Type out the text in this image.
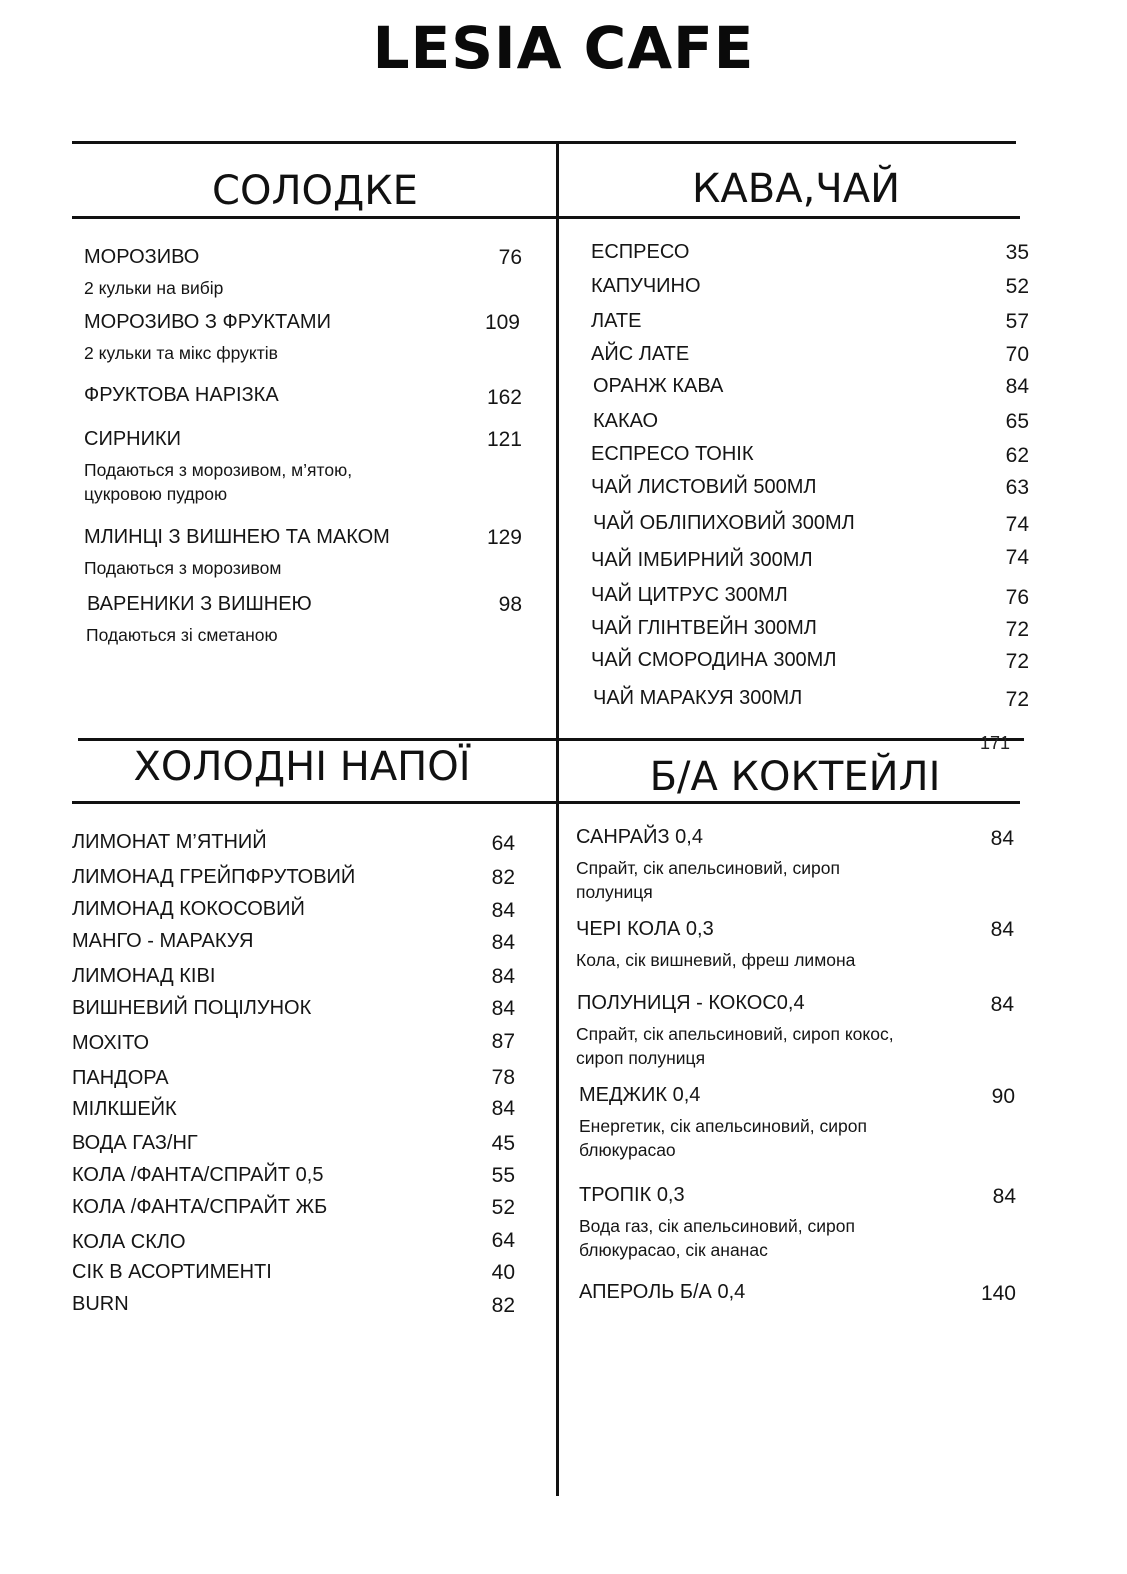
LESIA CAFE
СОЛОДКЕ	КАВА,ЧАЙ
ХОЛОДНІ НАПОЇ	Б/А КОКТЕЙЛІ
МОРОЗИВО	76
2 кульки на вибір
МОРОЗИВО З ФРУКТАМИ	109
2 кульки та мікс фруктів
ФРУКТОВА НАРІЗКА	162
СИРНИКИ	121
Подаються з морозивом, м’ятою, цукровою пудрою
МЛИНЦІ З ВИШНЕЮ ТА МАКОМ	129
Подаються з морозивом
ВАРЕНИКИ З ВИШНЕЮ	98
Подаються зі сметаною
ЕСПРЕСО	35
КАПУЧИНО	52
ЛАТЕ	57
АЙС ЛАТЕ	70
ОРАНЖ КАВА	84
КАКАО	65
ЕСПРЕСО ТОНІК	62
ЧАЙ ЛИСТОВИЙ 500МЛ	63
ЧАЙ ОБЛІПИХОВИЙ 300МЛ	74
ЧАЙ ІМБИРНИЙ 300МЛ	74
ЧАЙ ЦИТРУС 300МЛ	76
ЧАЙ ГЛІНТВЕЙН 300МЛ	72
ЧАЙ СМОРОДИНА 300МЛ	72
ЧАЙ МАРАКУЯ 300МЛ	72
171
ЛИМОНАТ М’ЯТНИЙ	64
ЛИМОНАД ГРЕЙПФРУТОВИЙ	82
ЛИМОНАД КОКОСОВИЙ	84
МАНГО - МАРАКУЯ	84
ЛИМОНАД КІВІ	84
ВИШНЕВИЙ ПОЦІЛУНОК	84
МОХІТО	87
ПАНДОРА	78
МІЛКШЕЙК	84
ВОДА ГАЗ/НГ	45
КОЛА /ФАНТА/СПРАЙТ 0,5	55
КОЛА /ФАНТА/СПРАЙТ ЖБ	52
КОЛА СКЛО	64
СІК В АСОРТИМЕНТІ	40
BURN	82
САНРАЙЗ 0,4	84
Спрайт, сік апельсиновий, сироп полуниця
ЧЕРІ КОЛА 0,3	84
Кола, сік вишневий, фреш лимона
ПОЛУНИЦЯ - КОКОС0,4	84
Спрайт, сік апельсиновий, сироп кокос, сироп полуниця
МЕДЖИК 0,4	90
Енергетик, сік апельсиновий, сироп блюкурасао
ТРОПІК 0,3	84
Вода газ, сік апельсиновий, сироп блюкурасао, сік ананас
АПЕРОЛЬ Б/А 0,4	140
